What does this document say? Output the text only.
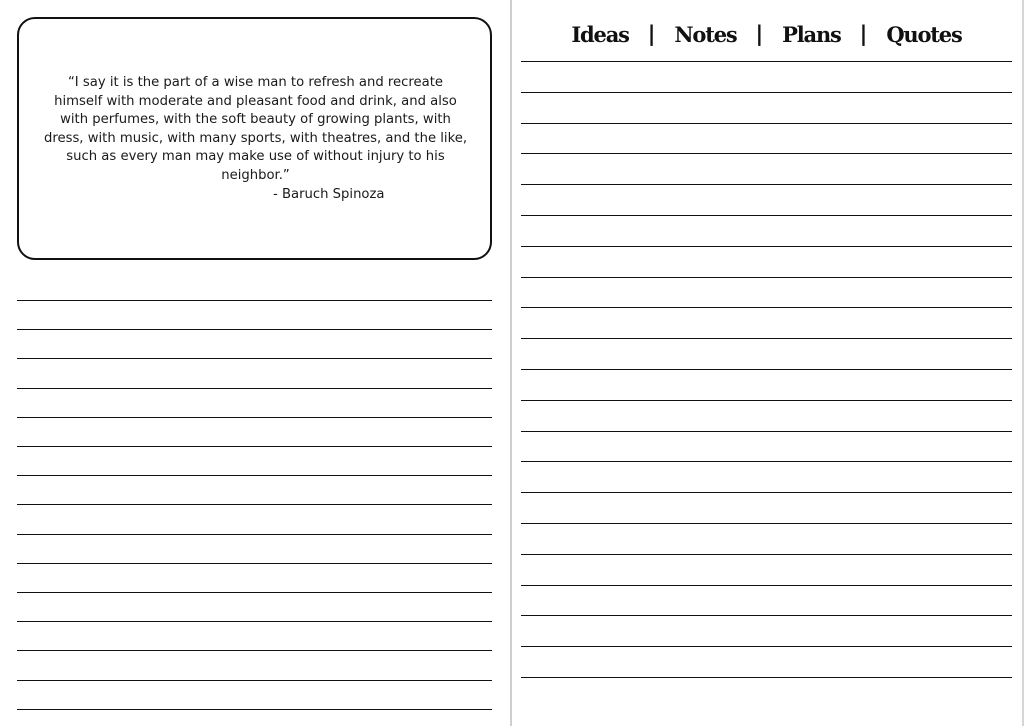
“I say it is the part of a wise man to refresh and recreate himself with moderate and pleasant food and drink, and also with perfumes, with the soft beauty of growing plants, with dress, with music, with many sports, with theatres, and the like, such as every man may make use of without injury to his neighbor.”

- Baruch Spinoza

Ideas | Notes | Plans | Quotes
